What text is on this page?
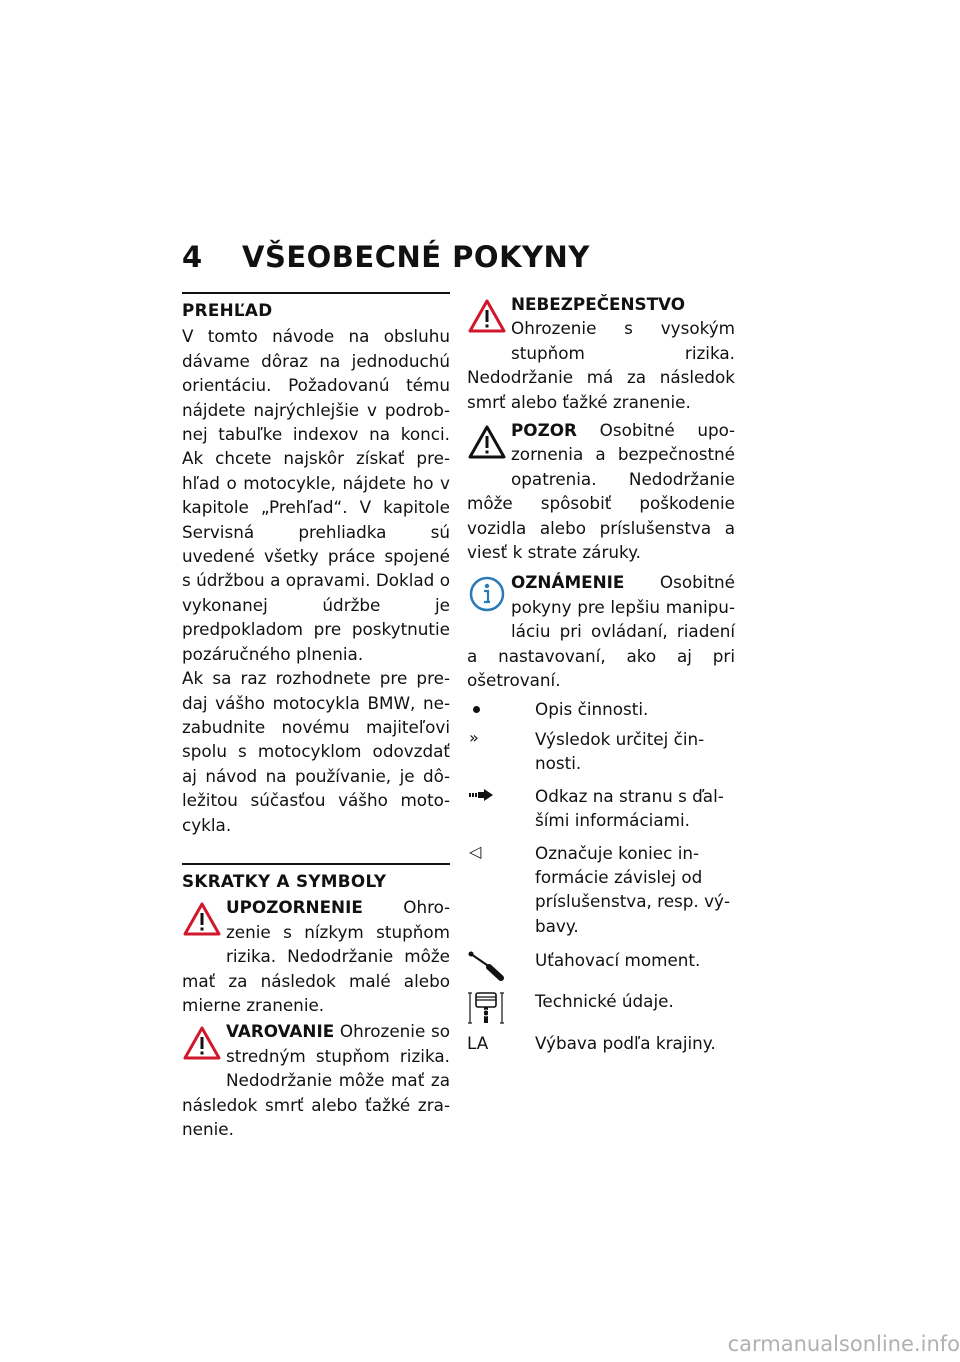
4 VŠEOBECNÉ POKYNY
PREHĽAD

V tomto návode na obsluhu dávame dôraz na jednoduchú orientáciu. Požadovanú tému nájdete najrýchlejšie v podrobnej tabuľke indexov na konci. Ak chcete najskôr získať prehľad o motocykle, nájdete ho v kapitole „Prehľad“. V kapitole Servisná prehliadka sú uvedené všetky práce spojené s údržbou a opravami. Doklad o vykonanej údržbe je predpokladom pre poskytnutie pozáručného plnenia.

Ak sa raz rozhodnete pre predaj vášho motocykla BMW, nezabudnite novému majiteľovi spolu s motocyklom odovzdať aj návod na používanie, je dôležitou súčasťou vášho motocykla.

SKRATKY A SYMBOLY

UPOZORNENIE Ohrozenie s nízkym stupňom rizika. Nedodržanie môže mať za následok malé alebo mierne zranenie.

VAROVANIE Ohrozenie so stredným stupňom rizika. Nedodržanie môže mať za následok smrť alebo ťažké zranenie.

NEBEZPEČENSTVO
Ohrozenie s vysokým stupňom rizika. Nedodržanie má za následok smrť alebo ťažké zranenie.

POZOR Osobitné upozornenia a bezpečnostné opatrenia. Nedodržanie môže spôsobiť poškodenie vozidla alebo príslušenstva a viesť k strate záruky.

OZNÁMENIE Osobitné pokyny pre lepšiu manipuláciu pri ovládaní, riadení a nastavovaní, ako aj pri ošetrovaní.

Opis činnosti.
»	Výsledok určitej činnosti.
Odkaz na stranu s ďalšími informáciami.
◁	Označuje koniec informácie závislej od príslušenstva, resp. výbavy.
Uťahovací moment.
Technické údaje.
LA	Výbava podľa krajiny.
carmanualsonline.info
